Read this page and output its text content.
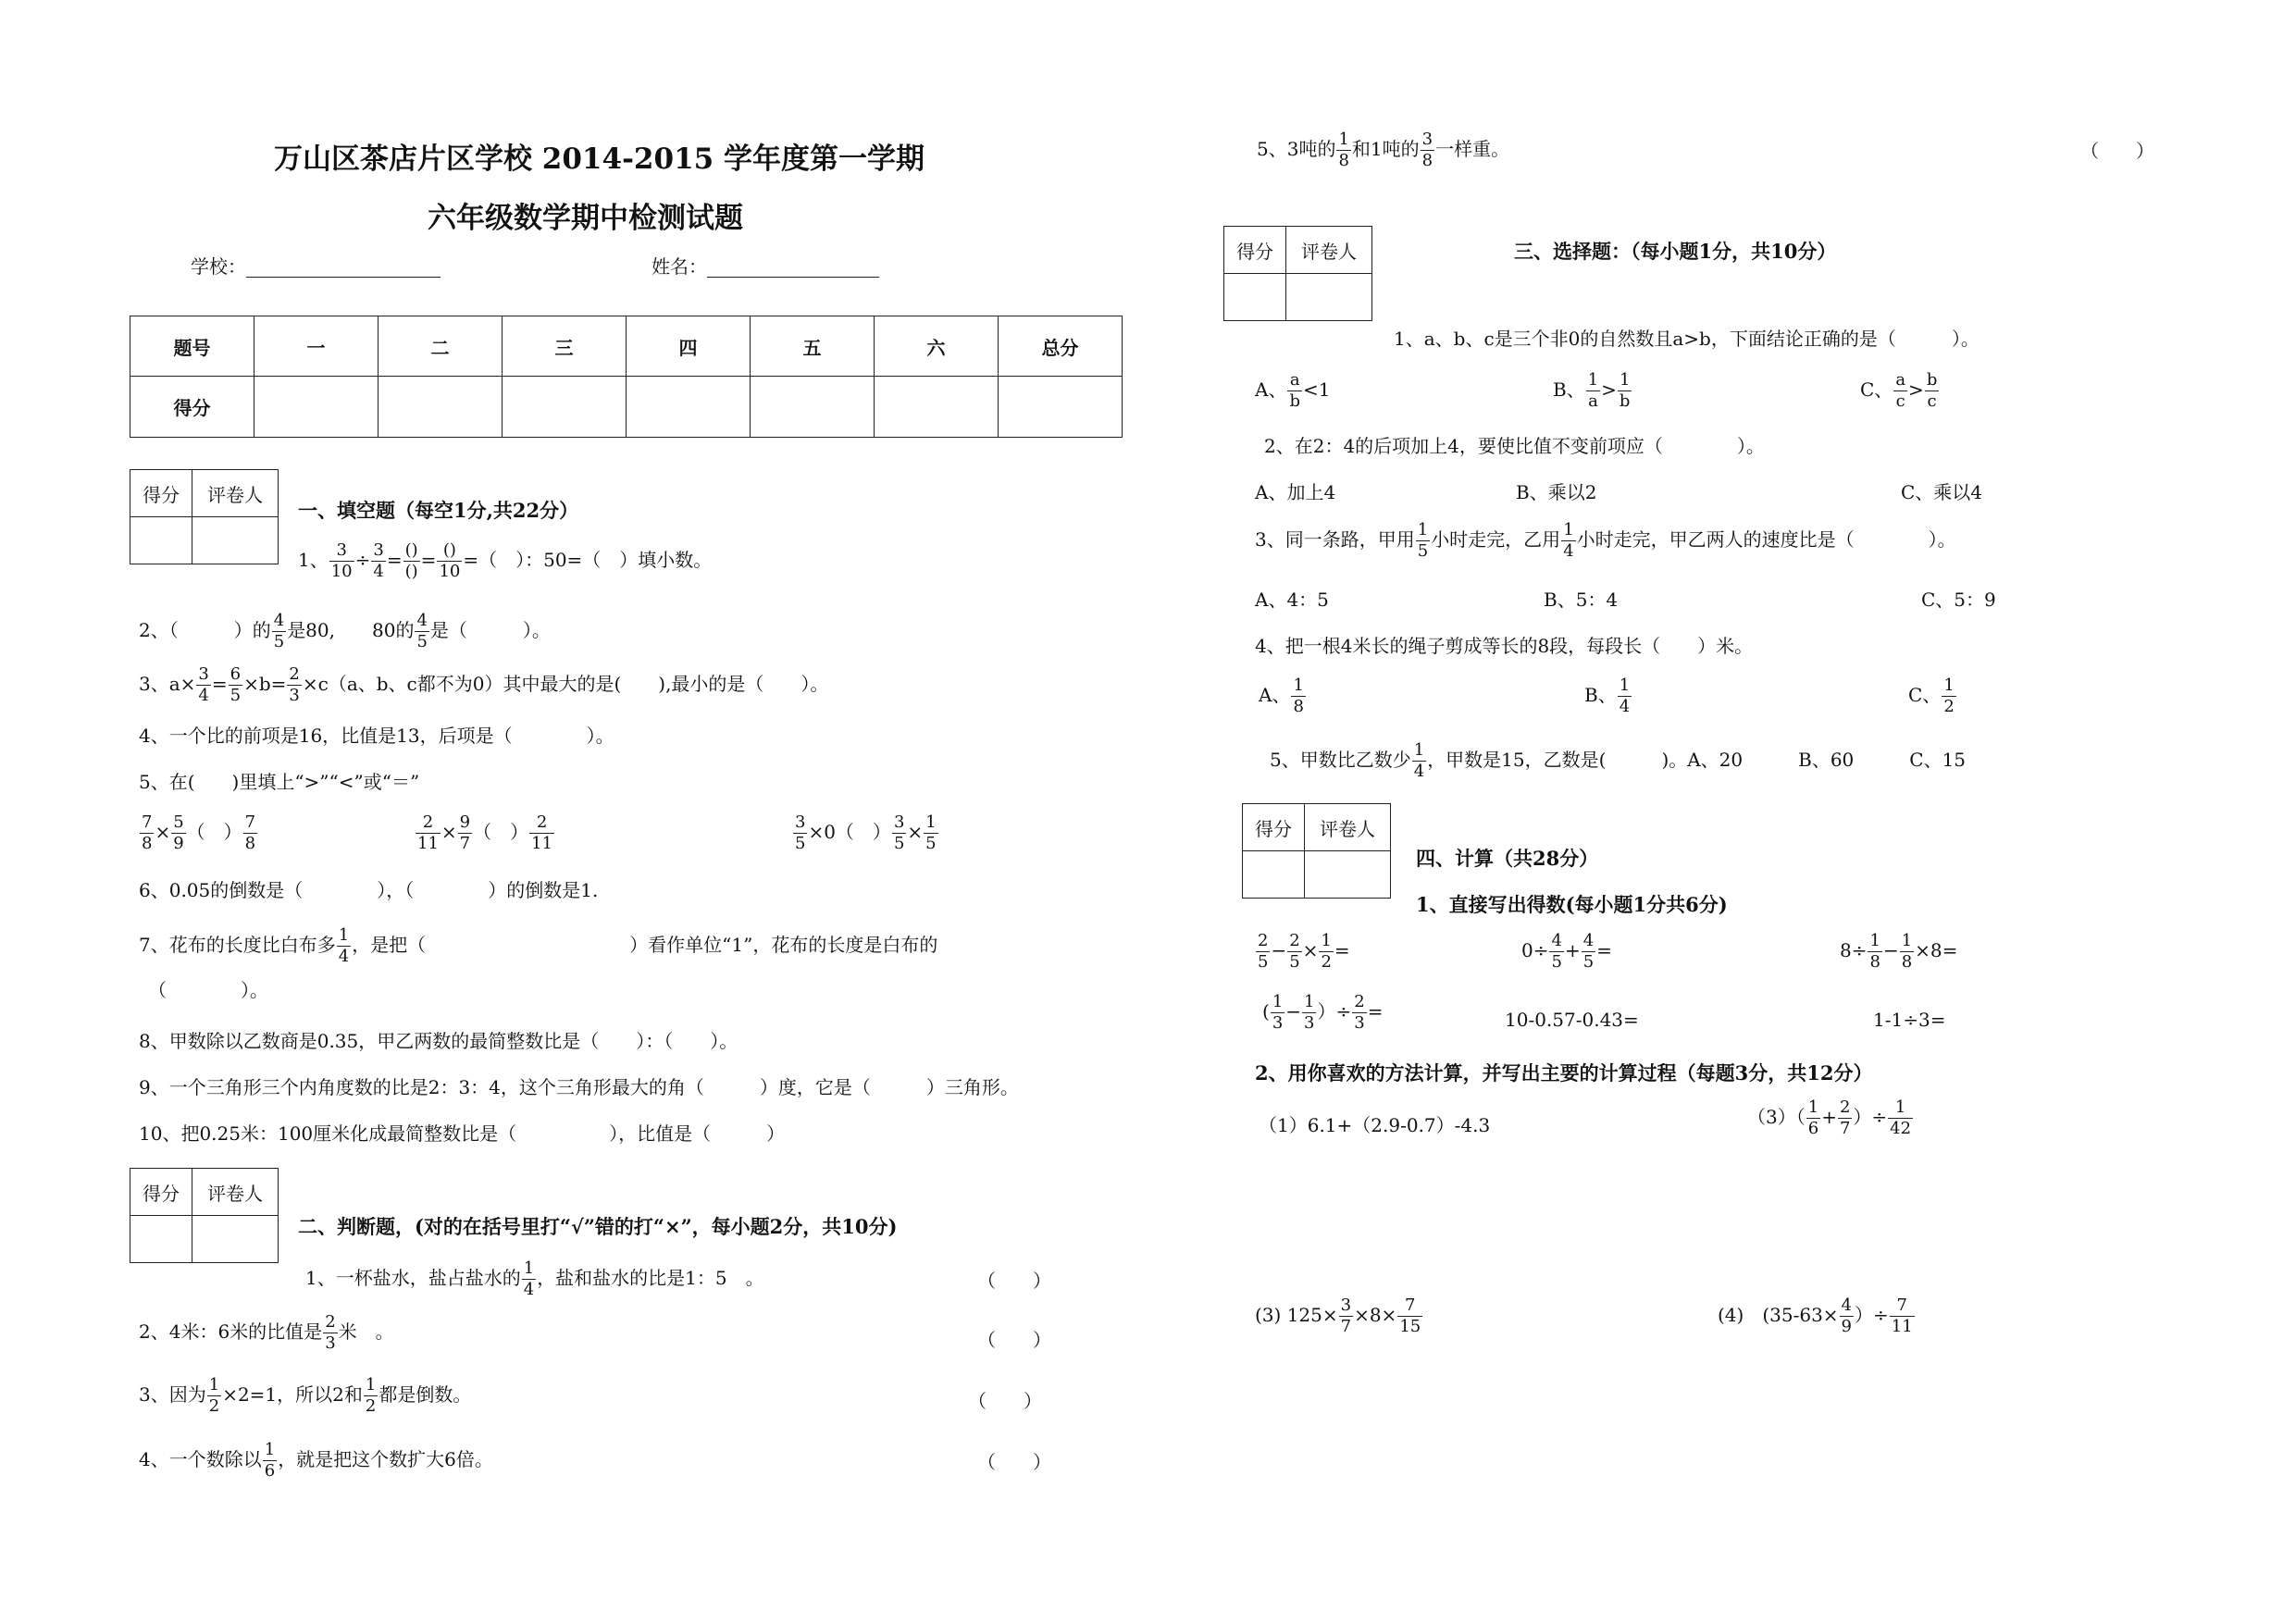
万山区茶店片区学校 2014-2015 学年度第一学期
六年级数学期中检测试题
学校：	姓名：
题号	一	二	三	四	五	六	总分
得分							
得分	评卷人

一、填空题（每空1分,共22分）
1、 $\frac{3}{10} \div \frac{3}{4}$ = ()
()
= ()
10
=（　）：50=（　）填小数。
2、（　　　）的 $\frac{4}{5}$ 是80,　　80的 $\frac{4}{5}$ 是（　　　）。
3、$a\times \frac{3}{4} = \frac{6}{5} \times b= \frac{2}{3} \times c(a$、b、c都不为0）其中最大的是(　　),最小的是（　　）。
4、一个比的前项是16，比值是13，后项是（　　　　）。
5、在(　　)里填上“>”“<”或“＝”
$\frac{7}{8} \times \frac{5}{9}$ （　） $\frac{7}{8}$	$\frac{2}{11} \times \frac{9}{7}$ （　） $\frac{2}{11}$	$\frac{3}{5} \times 0$（　） $\frac{3}{5} \times \frac{1}{5}$
6、0.05的倒数是（　　　　），（　　　　）的倒数是1.
7、花布的长度比白布多 $\frac{1}{4}$ ，是把（　　　　　　　　　　　）看作单位“1”，花布的长度是白布的
（　　　　）。
8、甲数除以乙数商是0.35，甲乙两数的最简整数比是（　　）：（　　）。
9、一个三角形三个内角度数的比是2：3：4，这个三角形最大的角（　　　）度，它是（　　　）三角形。
10、把0.25米：100厘米化成最简整数比是（　　　　　），比值是（　　　）
得分	评卷人

二、判断题，(对的在括号里打“√”错的打“×”，每小题2分，共10分)
1、一杯盐水，盐占盐水的 $\frac{1}{4}$ ，盐和盐水的比是1：5　。	（　　）
2、4米：6米的比值是 $\frac{2}{3}$ 米　。	（　　）
3、因为 $\frac{1}{2} \times 2=1$，所以2和 $\frac{1}{2}$ 都是倒数。	（　　）
4、一个数除以 $\frac{1}{6}$ ，就是把这个数扩大6倍。	（　　）
5、3吨的 $\frac{1}{8}$ 和1吨的 $\frac{3}{8}$ 一样重。	（　　）
得分	评卷人
		三、选择题：（每小题1分，共10分）
1、a、b、c是三个非0的自然数且a>b，下面结论正确的是（　　　）。
A、 $\frac{a}{b} <1$	B、 $\frac{1}{a} > \frac{1}{b}$	C、 $\frac{a}{c} > \frac{b}{c}$
2、在2：4的后项加上4，要使比值不变前项应（　　　　）。
A、加上4	B、乘以2	C、乘以4
3、同一条路，甲用 $\frac{1}{5}$ 小时走完，乙用 $\frac{1}{4}$ 小时走完，甲乙两人的速度比是（　　　　）。
A、4：5	B、5：4	C、5：9
4、把一根4米长的绳子剪成等长的8段，每段长（　　）米。
A、 $\frac{1}{8}$	B、 $\frac{1}{4}$	C、 $\frac{1}{2}$
5、甲数比乙数少 $\frac{1}{4}$ ，甲数是15，乙数是(　　　)。A、20　　　B、60　　　C、15
得分	评卷人

四、计算（共28分）
1、直接写出得数(每小题1分共6分)
$\frac{2}{5} - \frac{2}{5} \times \frac{1}{2}$ =	$0\div \frac{4}{5} + \frac{4}{5}$ =	$8\div \frac{1}{8} - \frac{1}{8} \times 8=$
( $\frac{1}{3} - \frac{1}{3}$ ）÷ $\frac{2}{3}$ =	10-0.57-0.43=	1-1÷3=
2、用你喜欢的方法计算，并写出主要的计算过程（每题3分，共12分）
（1）6.1+（2.9-0.7）-4.3	$(3)( \frac{1}{6} + \frac{2}{7}$ ）÷ $\frac{1}{42}$
(3) $125\times \frac{3}{7} \times 8\times \frac{7}{15}$	(4)　($35-63\times \frac{4}{9}$ ）÷ $\frac{7}{11}$
